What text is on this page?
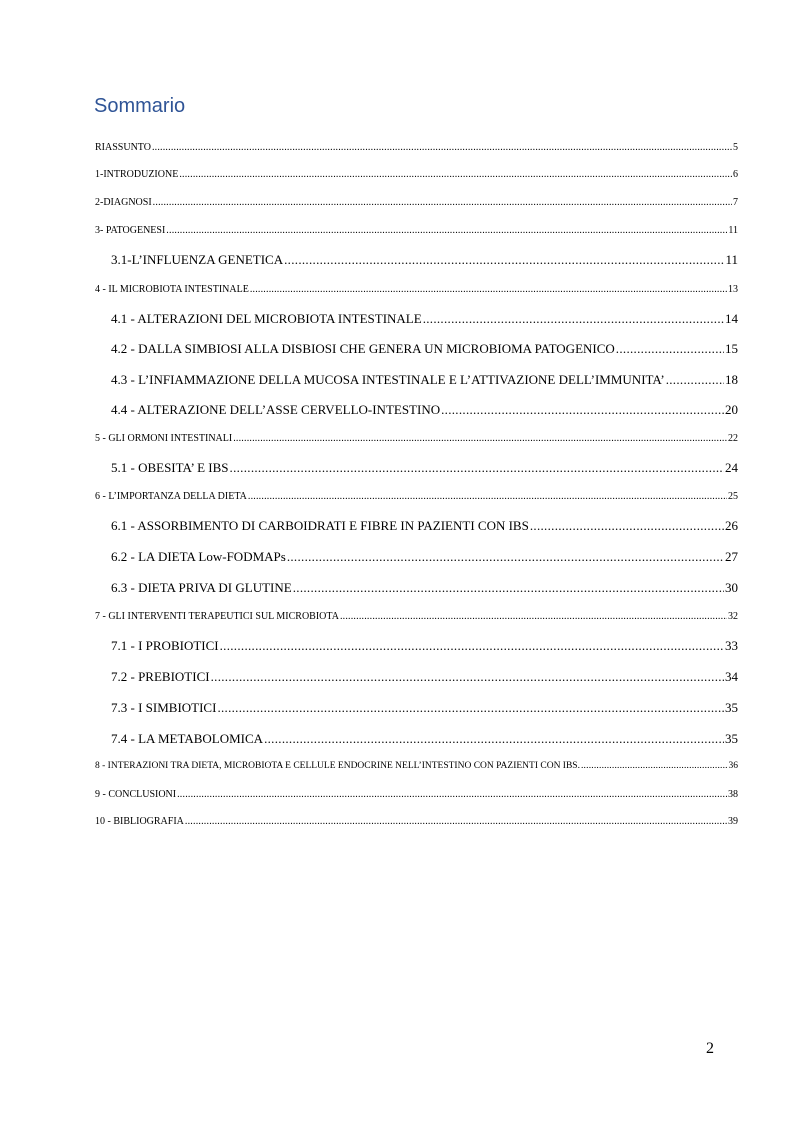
Sommario
RIASSUNTO .....	5
1-INTRODUZIONE .....	6
2-DIAGNOSI .....	7
3- PATOGENESI .....	11
3.1-L’INFLUENZA GENETICA .....	11
4 - IL MICROBIOTA INTESTINALE .....	13
4.1 - ALTERAZIONI DEL MICROBIOTA INTESTINALE .....	14
4.2 - DALLA SIMBIOSI ALLA DISBIOSI CHE GENERA UN MICROBIOMA PATOGENICO .....	15
4.3 - L’INFIAMMAZIONE DELLA MUCOSA INTESTINALE E L’ATTIVAZIONE DELL’IMMUNITA’ .....	18
4.4 - ALTERAZIONE DELL’ASSE CERVELLO-INTESTINO .....	20
5 - GLI ORMONI INTESTINALI .....	22
5.1 - OBESITA’ E IBS .....	24
6 - L’IMPORTANZA DELLA DIETA .....	25
6.1 - ASSORBIMENTO DI CARBOIDRATI E FIBRE IN PAZIENTI CON IBS .....	26
6.2 - LA DIETA Low-FODMAPs .....	27
6.3 - DIETA PRIVA DI GLUTINE .....	30
7 - GLI INTERVENTI TERAPEUTICI SUL MICROBIOTA .....	32
7.1 - I PROBIOTICI .....	33
7.2 - PREBIOTICI .....	34
7.3 - I SIMBIOTICI .....	35
7.4 - LA METABOLOMICA .....	35
8 - INTERAZIONI TRA DIETA, MICROBIOTA E CELLULE ENDOCRINE NELL’INTESTINO CON PAZIENTI CON IBS. .....	36
9 - CONCLUSIONI .....	38
10 - BIBLIOGRAFIA .....	39
2
